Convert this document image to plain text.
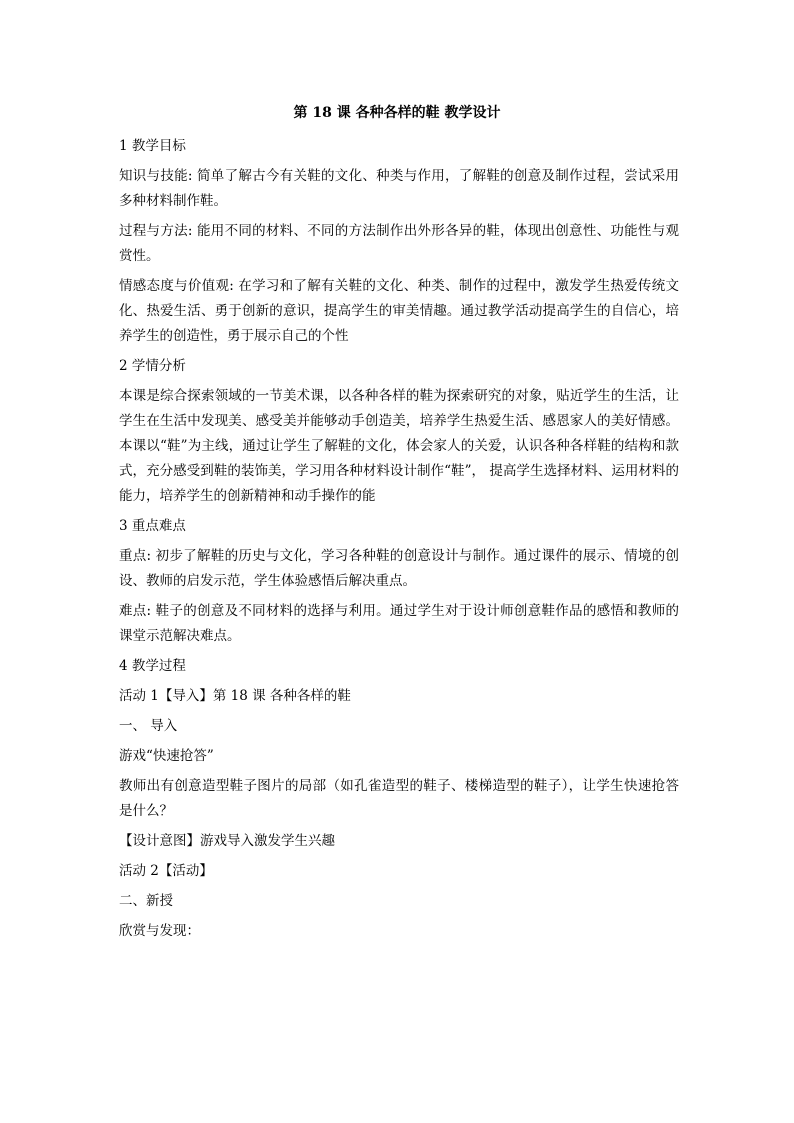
第 18 课 各种各样的鞋 教学设计
1 教学目标

知识与技能: 简单了解古今有关鞋的文化、种类与作用，了解鞋的创意及制作过程，尝试采用多种材料制作鞋。

过程与方法: 能用不同的材料、不同的方法制作出外形各异的鞋，体现出创意性、功能性与观赏性。

情感态度与价值观: 在学习和了解有关鞋的文化、种类、制作的过程中，激发学生热爱传统文化、热爱生活、勇于创新的意识，提高学生的审美情趣。通过教学活动提高学生的自信心，培养学生的创造性，勇于展示自己的个性

2 学情分析

本课是综合探索领域的一节美术课，以各种各样的鞋为探索研究的对象，贴近学生的生活，让学生在生活中发现美、感受美并能够动手创造美，培养学生热爱生活、感恩家人的美好情感。本课以“鞋”为主线，通过让学生了解鞋的文化，体会家人的关爱，认识各种各样鞋的结构和款式，充分感受到鞋的装饰美，学习用各种材料设计制作“鞋”， 提高学生选择材料、运用材料的能力，培养学生的创新精神和动手操作的能

3 重点难点

重点: 初步了解鞋的历史与文化，学习各种鞋的创意设计与制作。通过课件的展示、情境的创设、教师的启发示范，学生体验感悟后解决重点。

难点: 鞋子的创意及不同材料的选择与利用。通过学生对于设计师创意鞋作品的感悟和教师的课堂示范解决难点。

4 教学过程

活动 1【导入】第 18 课 各种各样的鞋

一、 导入

游戏“快速抢答”

教师出有创意造型鞋子图片的局部（如孔雀造型的鞋子、楼梯造型的鞋子），让学生快速抢答是什么？

【设计意图】游戏导入激发学生兴趣

活动 2【活动】

二、新授

欣赏与发现：
